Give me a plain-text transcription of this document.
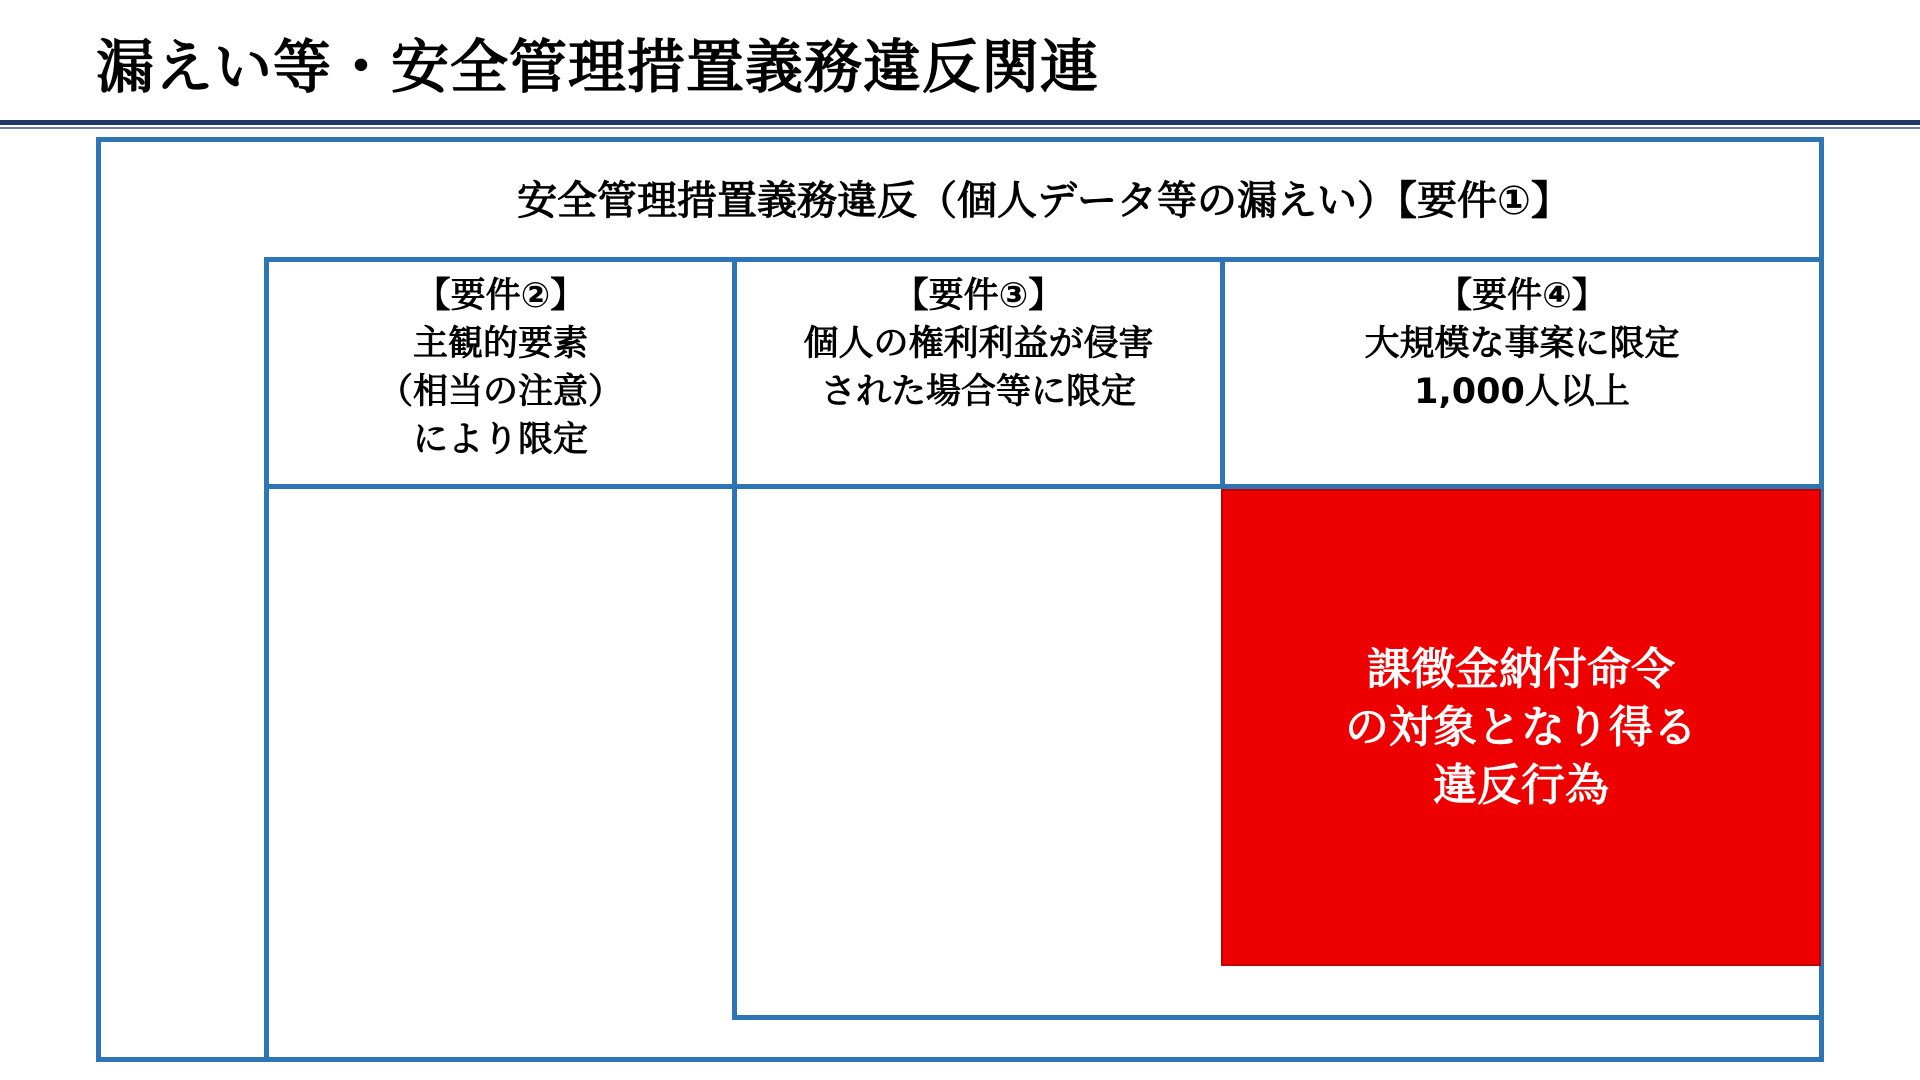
漏えい等・安全管理措置義務違反関連
安全管理措置義務違反（個人データ等の漏えい）【要件①】
【要件②】
主観的要素
（相当の注意）
により限定
【要件③】
個人の権利利益が侵害
された場合等に限定
【要件④】
大規模な事案に限定
1,000人以上
課徴金納付命令
の対象となり得る
違反行為
